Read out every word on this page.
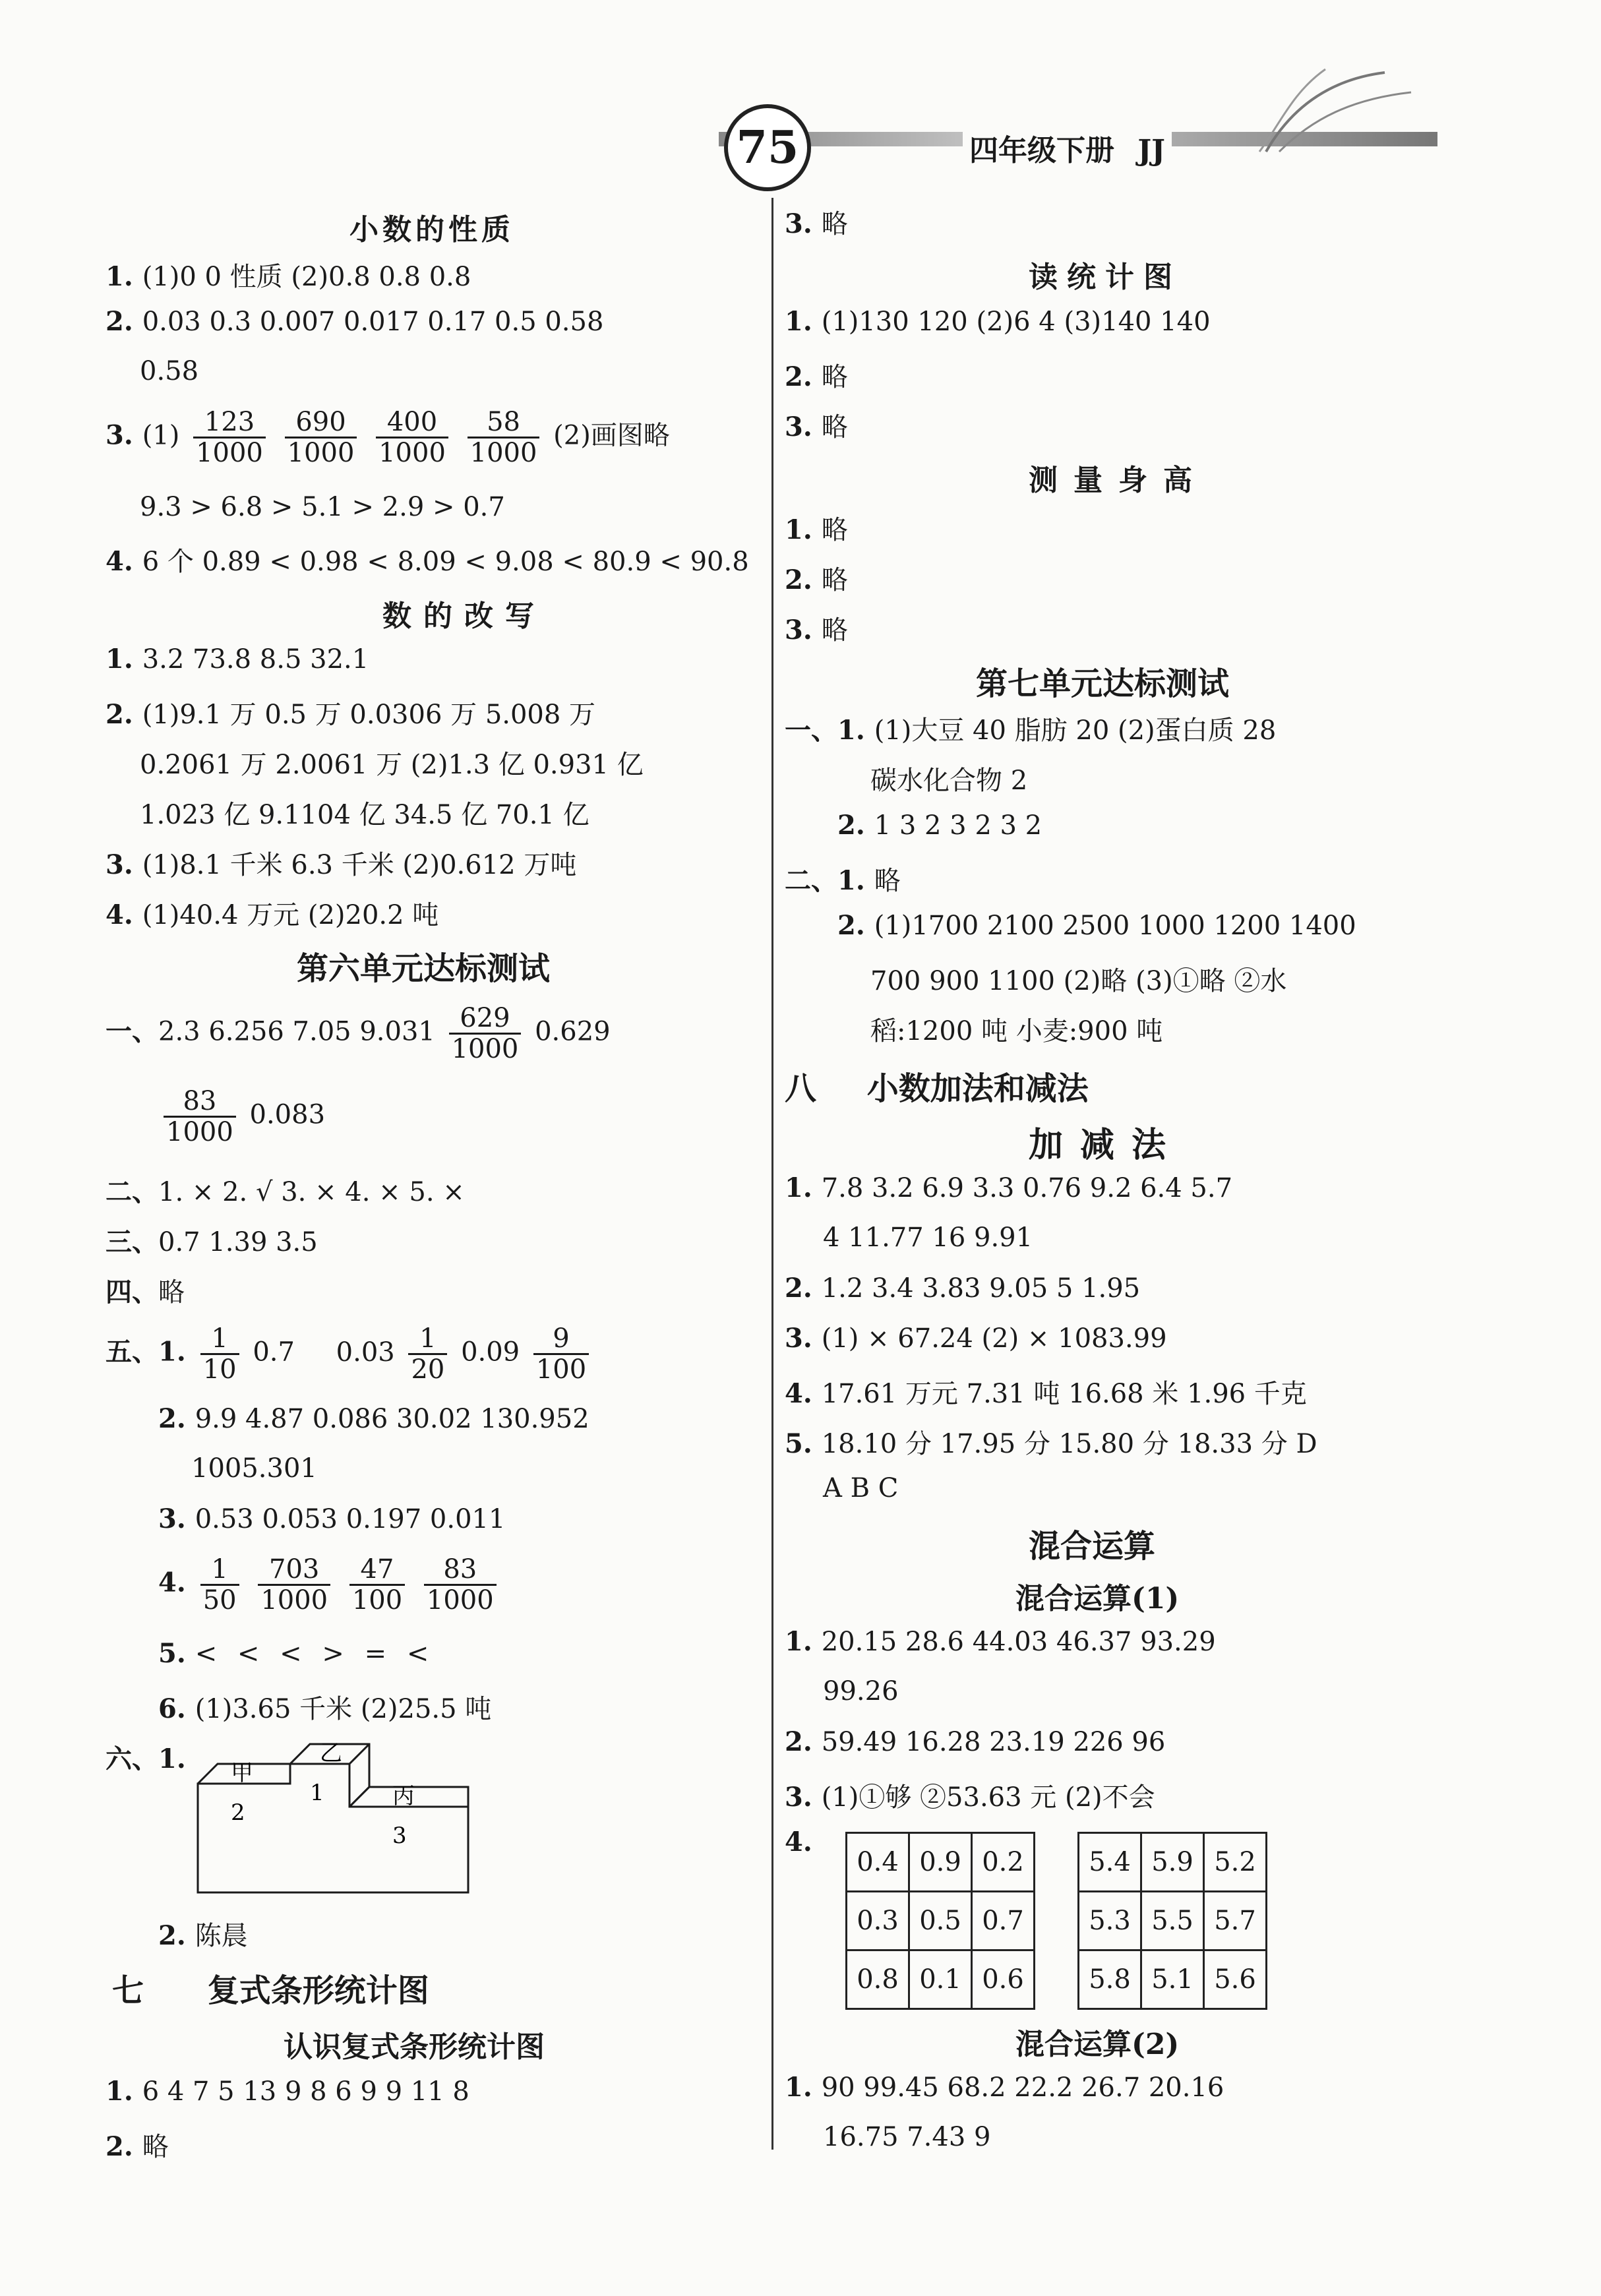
75	四年级下册 JJ
小数的性质
1. (1)0 0 性质 (2)0.8 0.8 0.8
2. 0.03 0.3 0.007 0.017 0.17 0.5 0.58
0.58
3. $(1) \frac{123}{1000}$
$\frac{690}{1000}$
$\frac{400}{1000}$
$\frac{58}{1000} (2)$画图略
9.3 > 6.8 > 5.1 > 2.9 > 0.7
4. 6 个 0.89 < 0.98 < 8.09 < 9.08 < 80.9 < 90.8
数的改写
1. 3.2 73.8 8.5 32.1
2. (1)9.1 万 0.5 万 0.0306 万 5.008 万
0.2061 万 2.0061 万 (2)1.3 亿 0.931 亿
1.023 亿 9.1104 亿 34.5 亿 70.1 亿
3. (1)8.1 千米 6.3 千米 (2)0.612 万吨
4. (1)40.4 万元 (2)20.2 吨
第六单元达标测试
一、2.3 6.256 7.05 $9.031 \frac{629}{1000} 0.629$
$\frac{83}{1000} 0.083$
二、1. × 2. √ 3. × 4. × 5. ×
三、0.7 1.39 3.5
四、略
五、1. $\frac{1}{10} 0.7$ $0.03 \frac{1}{20} 0.09 \frac{9}{100}$
2. 9.9 4.87 0.086 30.02 130.952
1005.301
3. 0.53 0.053 0.197 0.011
4. $\frac{1}{50}$
$\frac{703}{1000}$
$\frac{47}{100}$
$\frac{83}{1000}$
5. < < < > = <
6. (1)3.65 千米 (2)25.5 吨
六、1. 甲
乙
丙
1
2
3
2. 陈晨
七 复式条形统计图
认识复式条形统计图
1. 6 4 7 5 13 9 8 6 9 9 11 8
2. 略
3. 略
读统计图
1. (1)130 120 (2)6 4 (3)140 140
2. 略
3. 略
测量身高
1. 略
2. 略
3. 略
第七单元达标测试
一、1. (1)大豆 40 脂肪 20 (2)蛋白质 28
碳水化合物 2
2. 1 3 2 3 2 3 2
二、1. 略
2. (1)1700 2100 2500 1000 1200 1400
700 900 1100 (2)略 (3)①略 ②水
稻:1200 吨 小麦:900 吨
八 小数加法和减法
加减法
1. 7.8 3.2 6.9 3.3 0.76 9.2 6.4 5.7
4 11.77 16 9.91
2. 1.2 3.4 3.83 9.05 5 1.95
3. (1) × 67.24 (2) × 1083.99
4. 17.61 万元 7.31 吨 16.68 米 1.96 千克
5. 18.10 分 17.95 分 15.80 分 18.33 分 D
A B C
混合运算
混合运算(1)
1. 20.15 28.6 44.03 46.37 93.29
99.26
2. 59.49 16.28 23.19 226 96
3. (1)①够 ②53.63 元 (2)不会
4.
0.4	0.9	0.2
0.3	0.5	0.7
0.8	0.1	0.6
5.4	5.9	5.2
5.3	5.5	5.7
5.8	5.1	5.6
混合运算(2)
1. 90 99.45 68.2 22.2 26.7 20.16
16.75 7.43 9
